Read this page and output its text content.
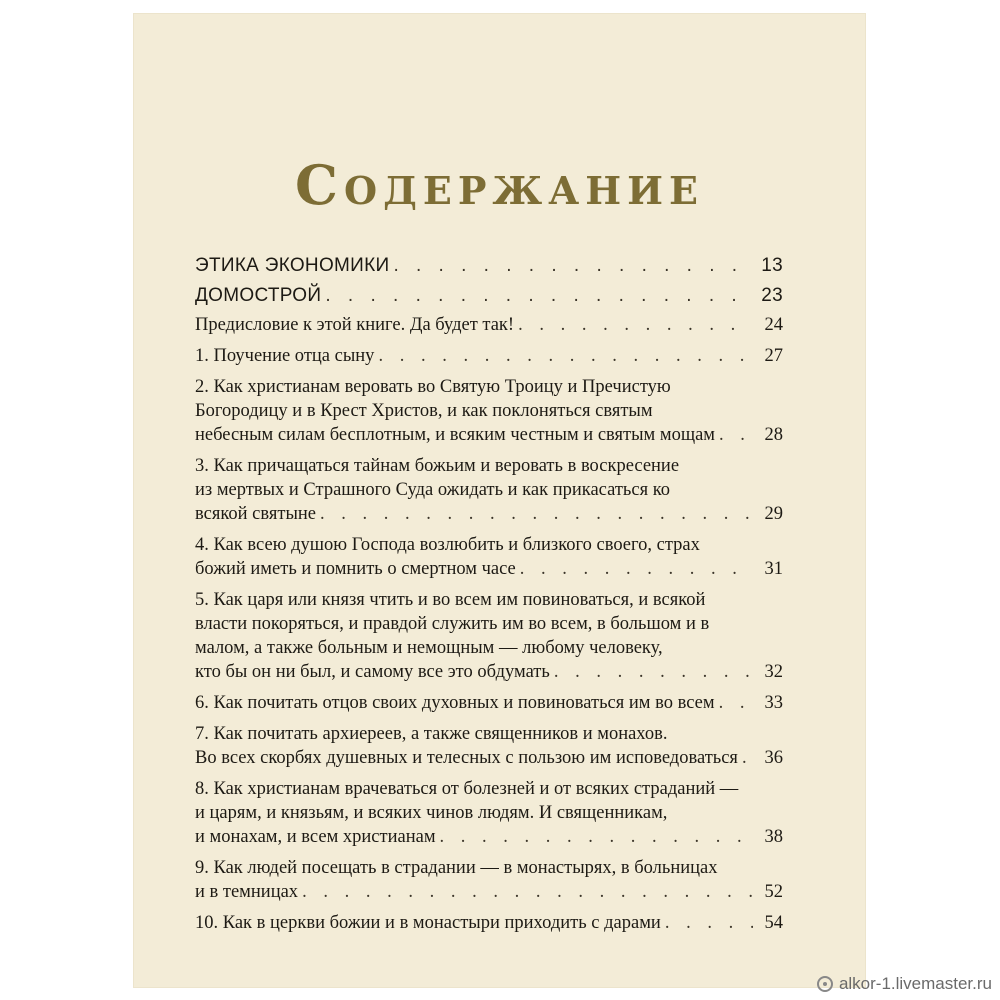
Содержание
ЭТИКА ЭКОНОМИКИ . . .	13
ДОМОСТРОЙ . . .	23
Предисловие к этой книге. Да будет так! . . .	24
1. Поучение отца сыну . . .	27
2. Как христианам веровать во Святую Троицу и Пречистую
Богородицу и в Крест Христов, и как поклоняться святым
небесным силам бесплотным, и всяким честным и святым мощам . . .	28
3. Как причащаться тайнам божьим и веровать в воскресение
из мертвых и Страшного Суда ожидать и как прикасаться ко
всякой святыне . . .	29
4. Как всею душою Господа возлюбить и близкого своего, страх
божий иметь и помнить о смертном часе . . .	31
5. Как царя или князя чтить и во всем им повиноваться, и всякой
власти покоряться, и правдой служить им во всем, в большом и в
малом, а также больным и немощным — любому человеку,
кто бы он ни был, и самому все это обдумать . . .	32
6. Как почитать отцов своих духовных и повиноваться им во всем . . .	33
7. Как почитать архиереев, а также священников и монахов.
Во всех скорбях душевных и телесных с пользою им исповедоваться . . .	36
8. Как христианам врачеваться от болезней и от всяких страданий —
и царям, и князьям, и всяких чинов людям. И священникам,
и монахам, и всем христианам . . .	38
9. Как людей посещать в страдании — в монастырях, в больницах
и в темницах . . .	52
10. Как в церкви божии и в монастыри приходить с дарами . . .	54
alkor-1.livemaster.ru
